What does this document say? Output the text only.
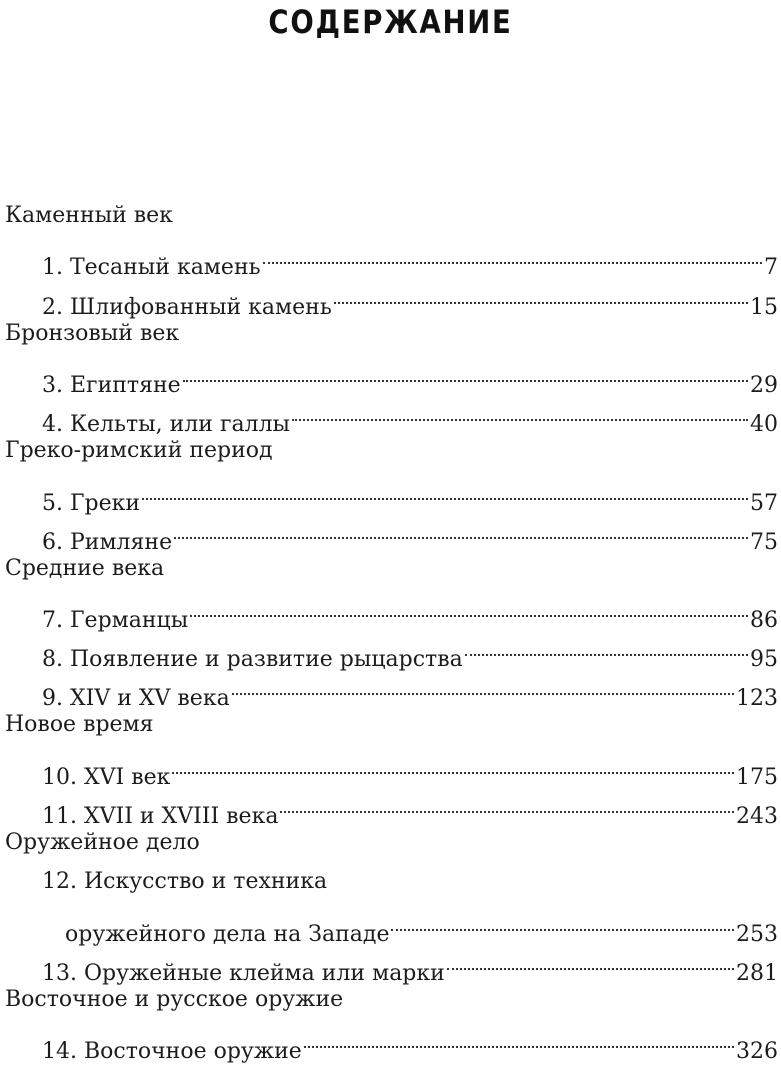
СОДЕРЖАНИЕ
Каменный век
1. Тесаный камень	7
2. Шлифованный камень	15
Бронзовый век
3. Египтяне	29
4. Кельты, или галлы	40
Греко-римский период
5. Греки	57
6. Римляне	75
Средние века
7. Германцы	86
8. Появление и развитие рыцарства	95
9. XIV и XV века	123
Новое время
10. XVI век	175
11. XVII и XVIII века	243
Оружейное дело
12. Искусство и техника
оружейного дела на Западе	253
13. Оружейные клейма или марки	281
Восточное и русское оружие
14. Восточное оружие	326
